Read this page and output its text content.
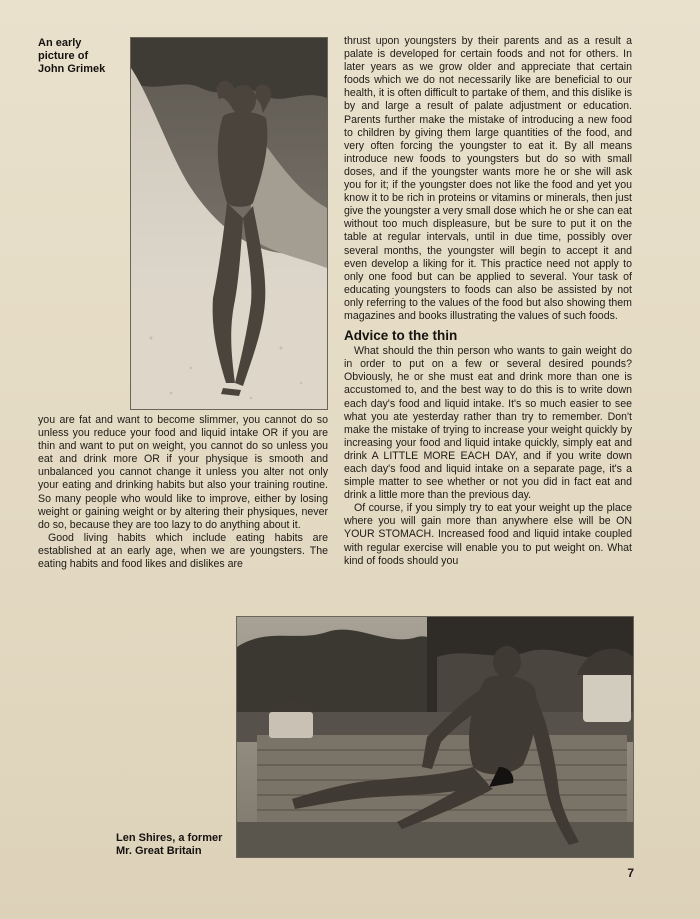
An early
picture of
John Grimek

thrust upon youngsters by their parents and as a result a palate is developed for certain foods and not for others. In later years as we grow older and appreciate that certain foods which we do not necessarily like are beneficial to our health, it is often difficult to partake of them, and this dislike is by and large a result of palate adjustment or education. Parents further make the mistake of introducing a new food to children by giving them large quantities of the food, and very often forcing the youngster to eat it. By all means introduce new foods to youngsters but do so with small doses, and if the youngster wants more he or she will ask you for it; if the youngster does not like the food and yet you know it to be rich in proteins or vitamins or minerals, then just give the youngster a very small dose which he or she can eat without too much displeasure, but be sure to put it on the table at regular intervals, until in due time, possibly over several months, the youngster will begin to accept it and even develop a liking for it. This practice need not apply to only one food but can be applied to several. Your task of educating youngsters to foods can also be assisted by not only referring to the values of the food but also showing them magazines and books illustrating the values of such foods.

Advice to the thin

What should the thin person who wants to gain weight do in order to put on a few or several desired pounds? Obviously, he or she must eat and drink more than one is accustomed to, and the best way to do this is to write down each day's food and liquid intake. It's so much easier to see what you ate yesterday rather than try to remember. Don't make the mistake of trying to increase your weight quickly by increasing your food and liquid intake quickly, simply eat and drink A LITTLE MORE EACH DAY, and if you write down each day's food and liquid intake on a separate page, it's a simple matter to see whether or not you did in fact eat and drink a little more than the previous day.

Of course, if you simply try to eat your weight up the place where you will gain more than anywhere else will be ON YOUR STOMACH. Increased food and liquid intake coupled with regular exercise will enable you to put weight on. What kind of foods should you

you are fat and want to become slimmer, you cannot do so unless you reduce your food and liquid intake OR if you are thin and want to put on weight, you cannot do so unless you eat and drink more OR if your physique is smooth and unbalanced you cannot change it unless you alter not only your eating and drinking habits but also your training routine. So many people who would like to improve, either by losing weight or gaining weight or by altering their physiques, never do so, because they are too lazy to do anything about it.

Good living habits which include eating habits are established at an early age, when we are youngsters. The eating habits and food likes and dislikes are

Len Shires, a former
Mr. Great Britain
7
